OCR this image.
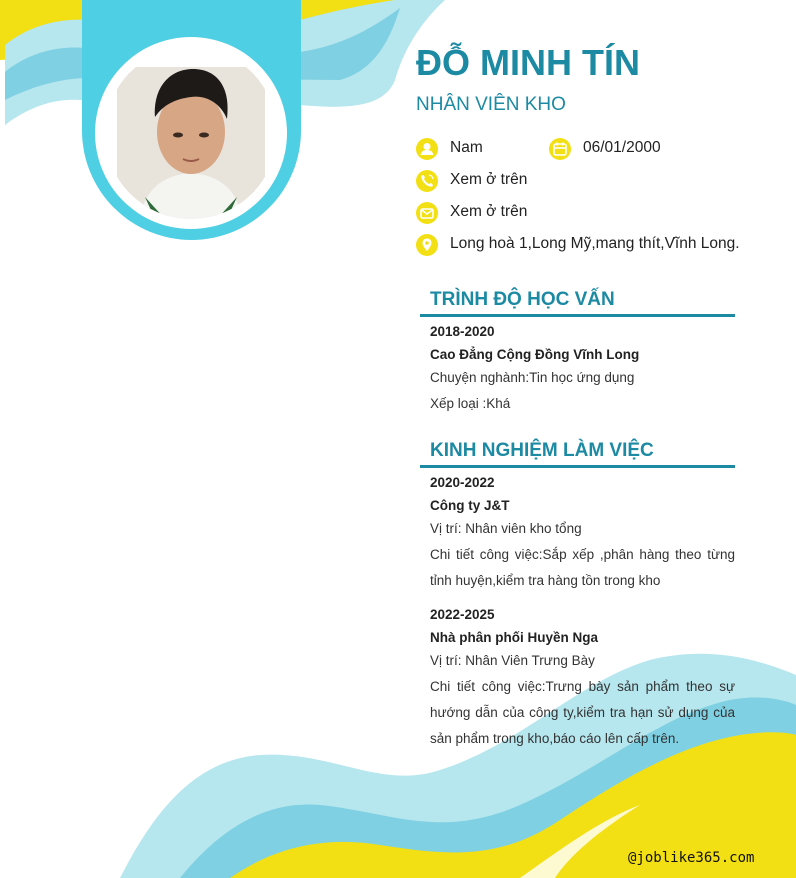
ĐỖ MINH TÍN
NHÂN VIÊN KHO
Nam	06/01/2000
Xem ở trên
Xem ở trên
Long hoà 1,Long Mỹ,mang thít,Vĩnh Long.
TRÌNH ĐỘ HỌC VẤN
2018-2020
Cao Đẳng Cộng Đồng Vĩnh Long
Chuyện nghành:Tin học ứng dụng
Xếp loại :Khá
KINH NGHIỆM LÀM VIỆC
2020-2022
Công ty J&T
Vị trí: Nhân viên kho tổng
Chi tiết công việc:Sắp xếp ,phân hàng theo từng tỉnh huyện,kiểm tra hàng tồn trong kho
2022-2025
Nhà phân phối Huyền Nga
Vị trí: Nhân Viên Trưng Bày
Chi tiết công việc:Trưng bày sản phẩm theo sự hướng dẫn của công ty,kiểm tra hạn sử dụng của sản phẩm trong kho,báo cáo lên cấp trên.
@joblike365.com
